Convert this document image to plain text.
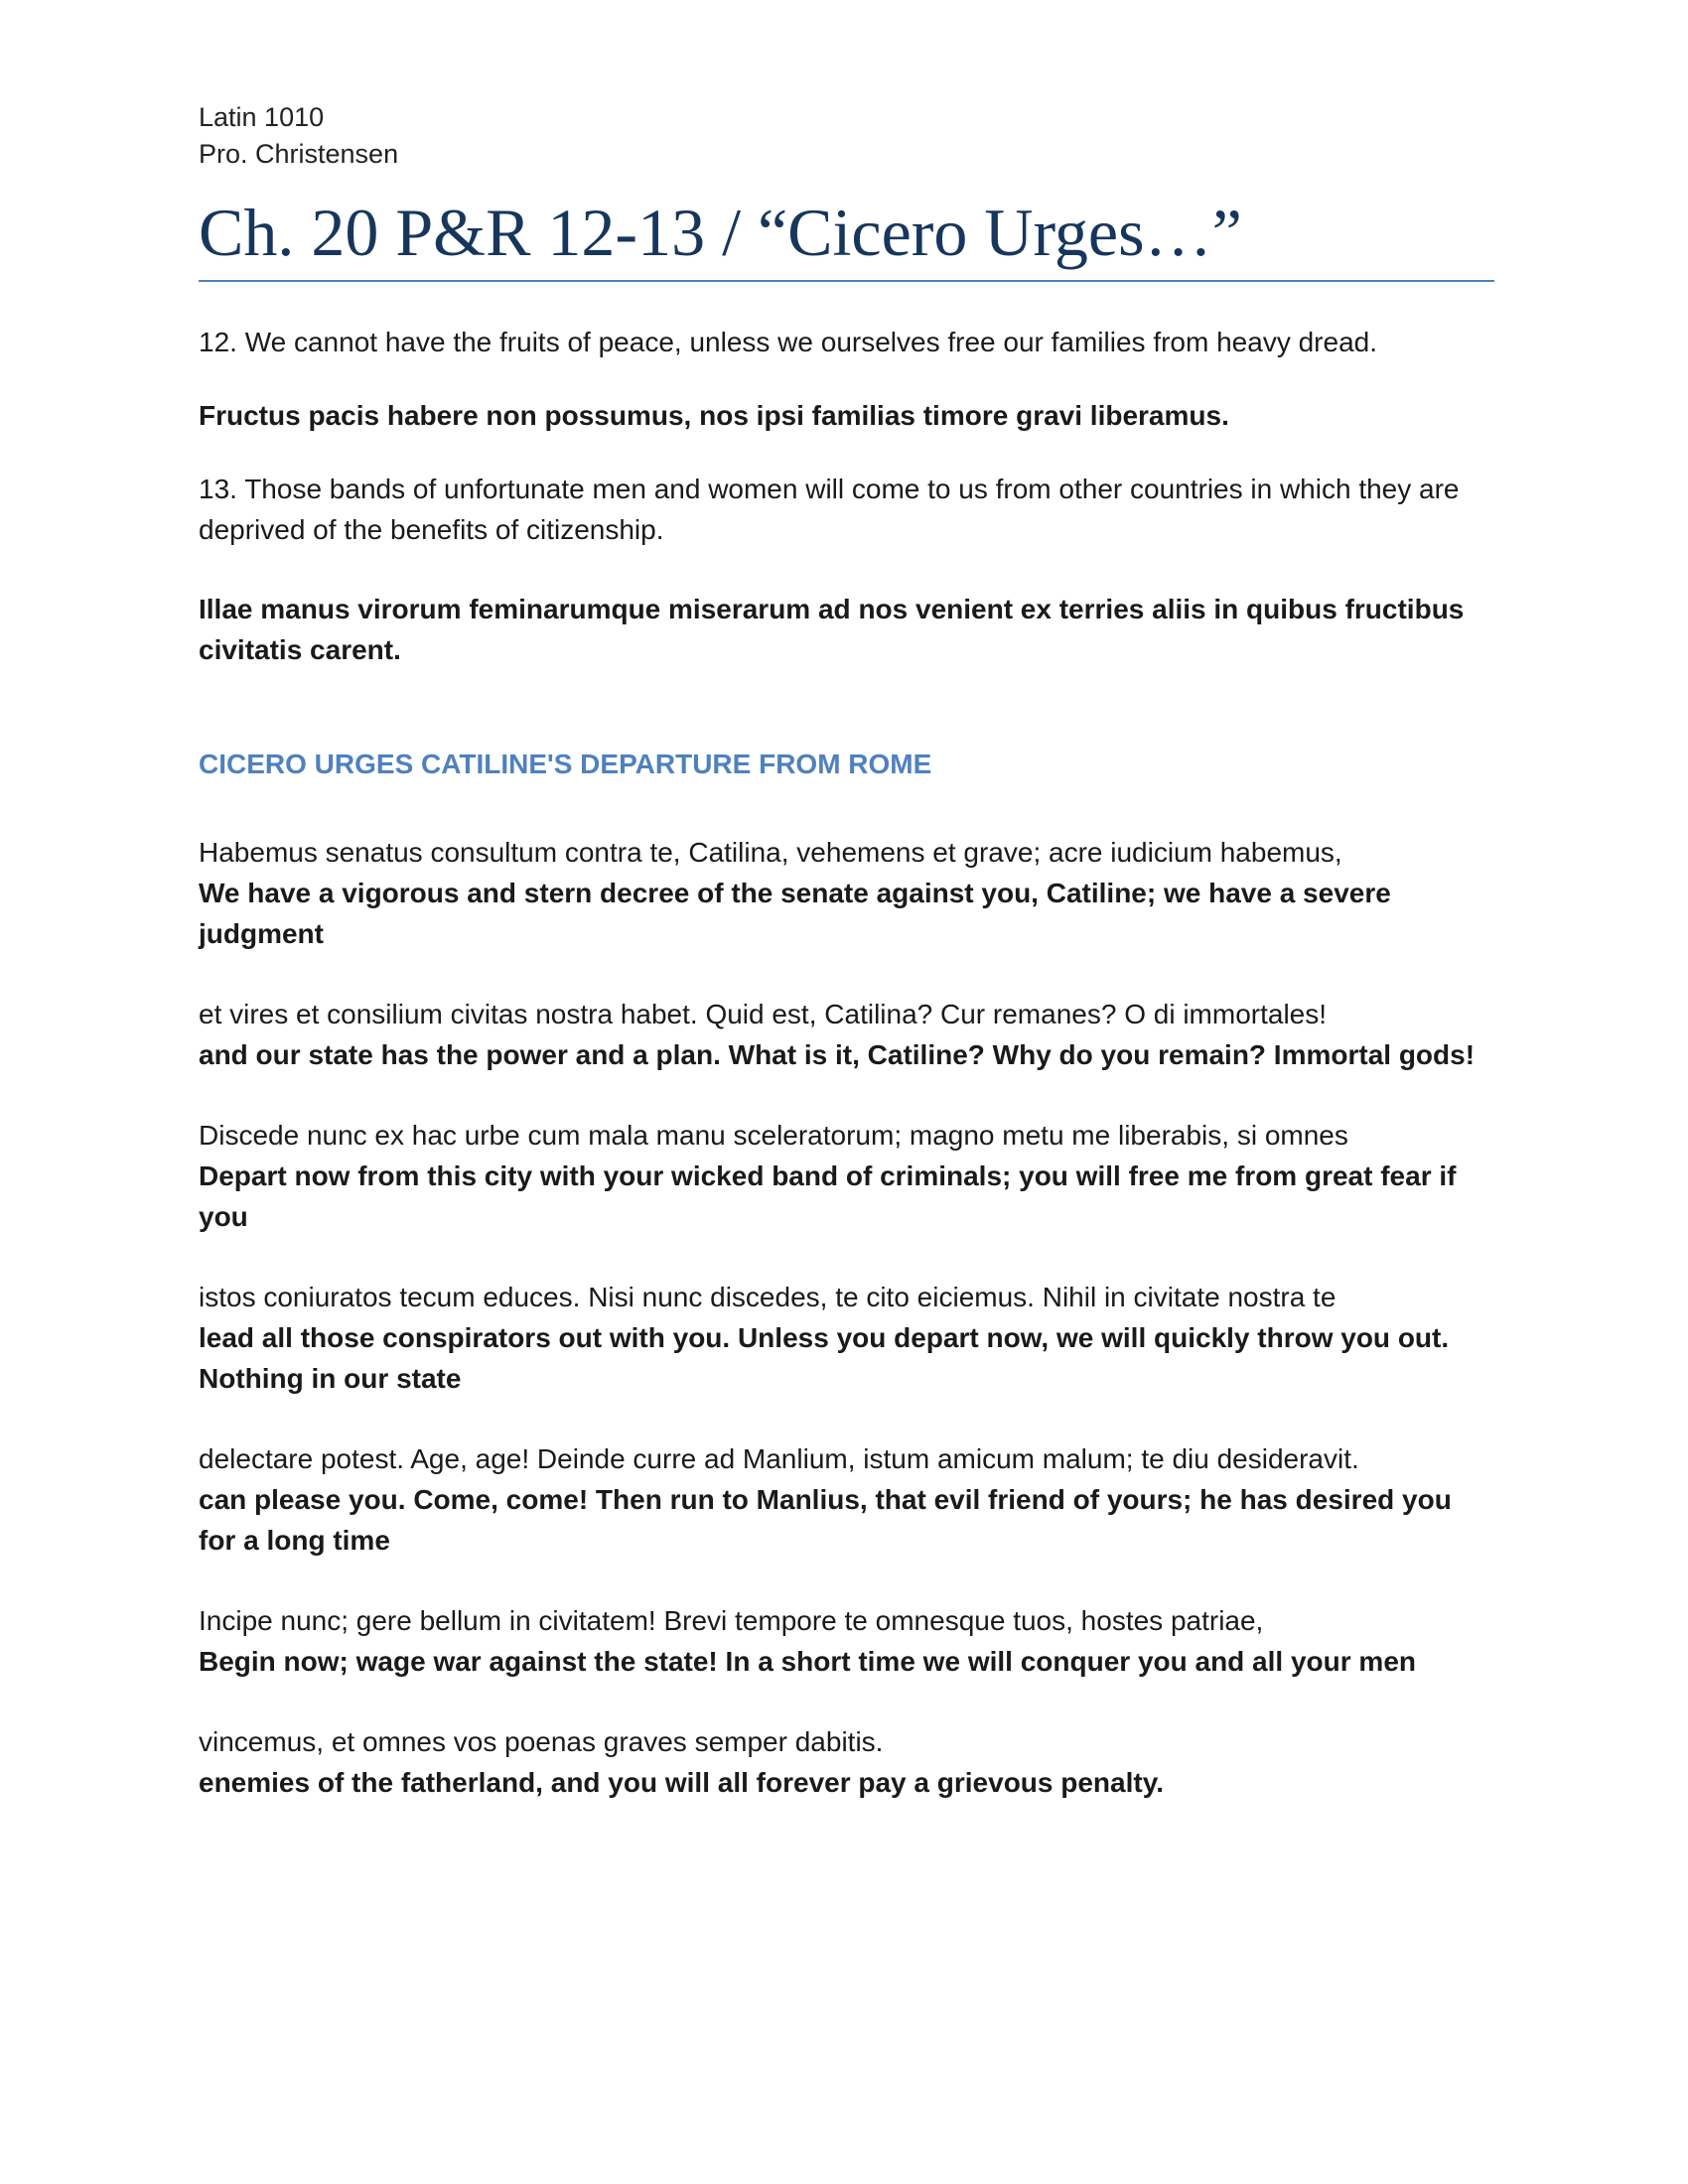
Latin 1010

Pro. Christensen

Ch. 20 P&R 12-13 / “Cicero Urges…”

12. We cannot have the fruits of peace, unless we ourselves free our families from heavy dread.

Fructus pacis habere non possumus, nos ipsi familias timore gravi liberamus.

13. Those bands of unfortunate men and women will come to us from other countries in which they are deprived of the benefits of citizenship.

Illae manus virorum feminarumque miserarum ad nos venient ex terries aliis in quibus fructibus civitatis carent.

CICERO URGES CATILINE'S DEPARTURE FROM ROME

Habemus senatus consultum contra te, Catilina, vehemens et grave; acre iudicium habemus,

We have a vigorous and stern decree of the senate against you, Catiline; we have a severe judgment

et vires et consilium civitas nostra habet. Quid est, Catilina? Cur remanes? O di immortales!

and our state has the power and a plan. What is it, Catiline? Why do you remain? Immortal gods!

Discede nunc ex hac urbe cum mala manu sceleratorum; magno metu me liberabis, si omnes

Depart now from this city with your wicked band of criminals; you will free me from great fear if you

istos coniuratos tecum educes. Nisi nunc discedes, te cito eiciemus. Nihil in civitate nostra te

lead all those conspirators out with you. Unless you depart now, we will quickly throw you out. Nothing in our state

delectare potest. Age, age! Deinde curre ad Manlium, istum amicum malum; te diu desideravit.

can please you. Come, come! Then run to Manlius, that evil friend of yours; he has desired you for a long time

Incipe nunc; gere bellum in civitatem! Brevi tempore te omnesque tuos, hostes patriae,

Begin now; wage war against the state! In a short time we will conquer you and all your men

vincemus, et omnes vos poenas graves semper dabitis.

enemies of the fatherland, and you will all forever pay a grievous penalty.
